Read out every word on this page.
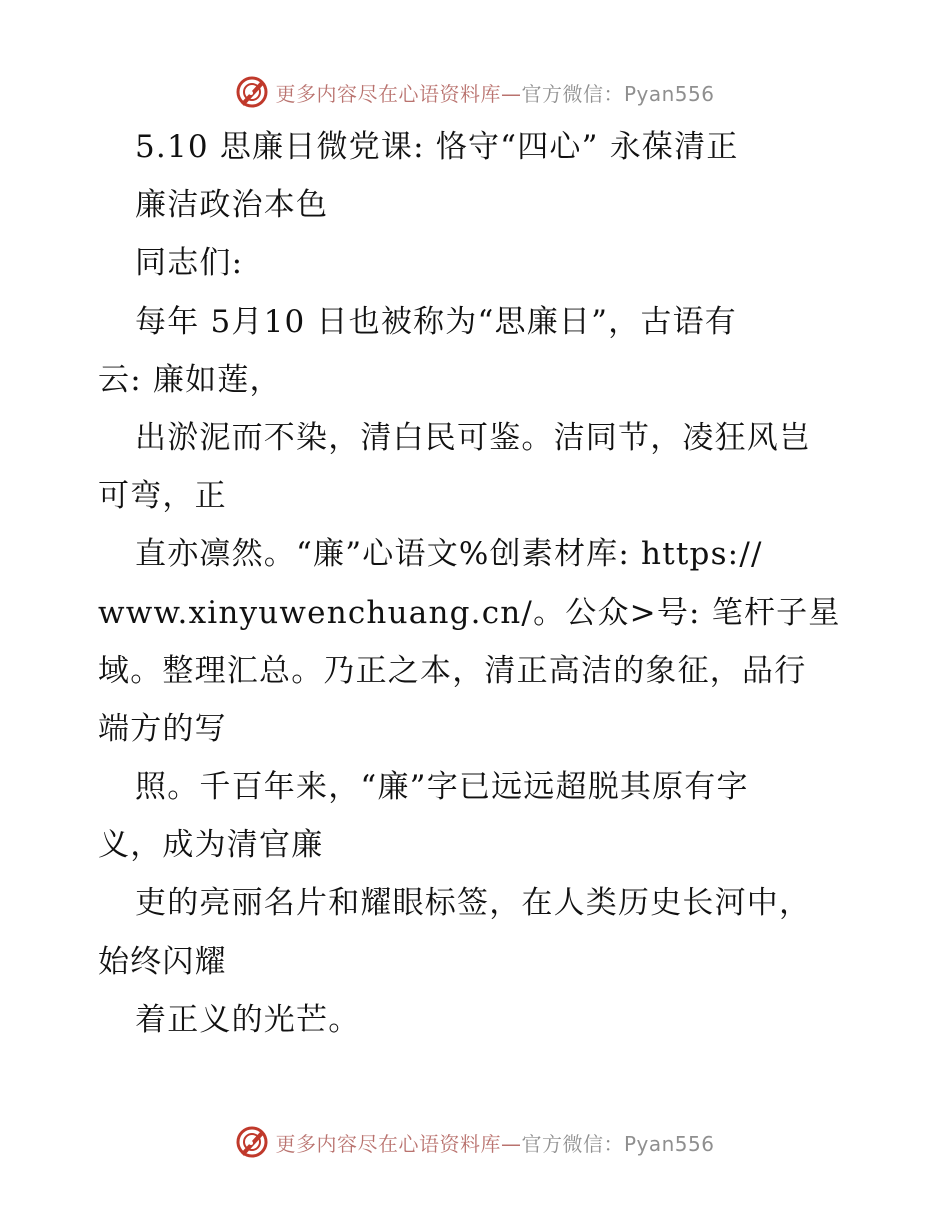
更多内容尽在心语资料库—官方微信：Pyan556
5.10 思廉日微党课: 恪守“四心” 永葆清正
廉洁政治本色
同志们:
每年 5月10 日也被称为“思廉日”，古语有
云: 廉如莲，
出淤泥而不染，清白民可鉴。洁同节，凌狂风岂
可弯，正
直亦凛然。“廉”心语文%创素材库: https://
www.xinyuwenchuang.cn/。公众>号: 笔杆子星
域。整理汇总。乃正之本，清正高洁的象征，品行
端方的写
照。千百年来，“廉”字已远远超脱其原有字
义，成为清官廉
吏的亮丽名片和耀眼标签，在人类历史长河中，
始终闪耀
着正义的光芒。
更多内容尽在心语资料库—官方微信：Pyan556
